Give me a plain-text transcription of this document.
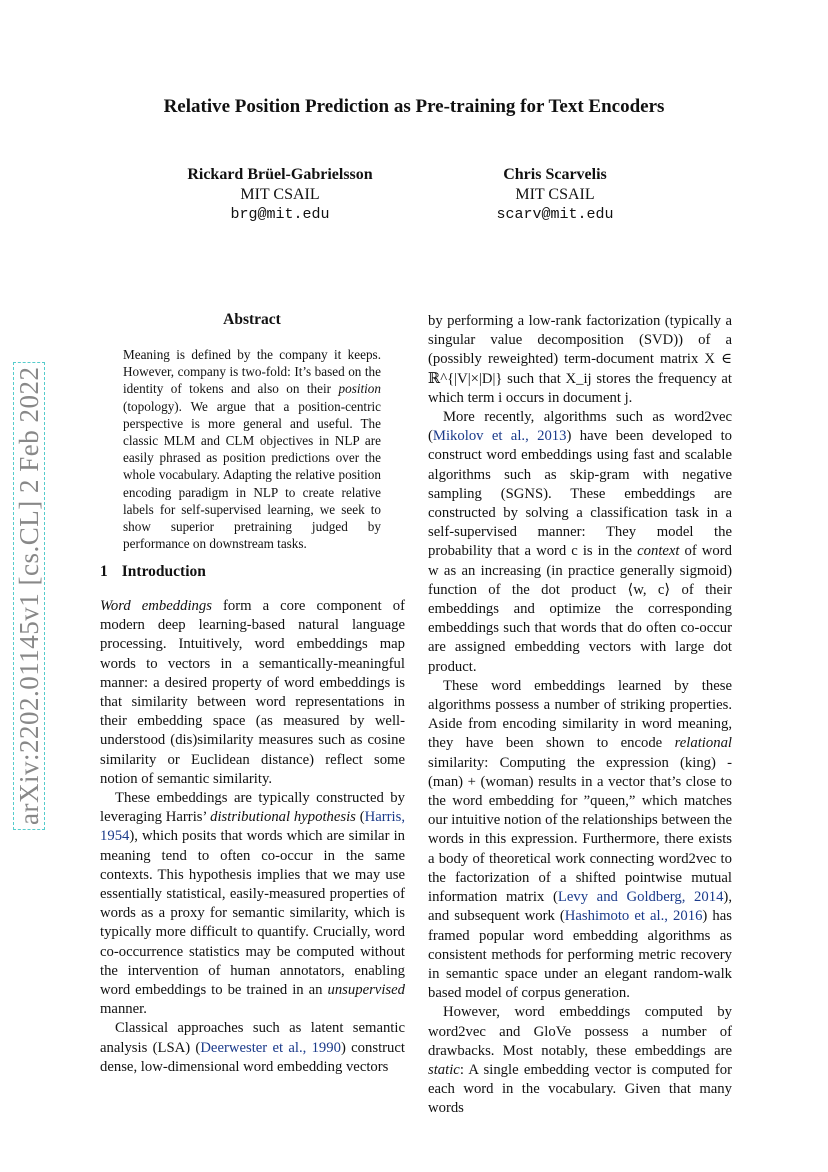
Relative Position Prediction as Pre-training for Text Encoders
Rickard Brüel-Gabrielsson
MIT CSAIL
brg@mit.edu
Chris Scarvelis
MIT CSAIL
scarv@mit.edu
arXiv:2202.01145v1 [cs.CL] 2 Feb 2022
Abstract
Meaning is defined by the company it keeps. However, company is two-fold: It’s based on the identity of tokens and also on their position (topology). We argue that a position-centric perspective is more general and useful. The classic MLM and CLM objectives in NLP are easily phrased as position predictions over the whole vocabulary. Adapting the relative position encoding paradigm in NLP to create relative labels for self-supervised learning, we seek to show superior pretraining judged by performance on downstream tasks.
1 Introduction

Word embeddings form a core component of modern deep learning-based natural language processing. Intuitively, word embeddings map words to vectors in a semantically-meaningful manner: a desired property of word embeddings is that similarity between word representations in their embedding space (as measured by well-understood (dis)similarity measures such as cosine similarity or Euclidean distance) reflect some notion of semantic similarity.

These embeddings are typically constructed by leveraging Harris’ distributional hypothesis (Harris, 1954), which posits that words which are similar in meaning tend to often co-occur in the same contexts. This hypothesis implies that we may use essentially statistical, easily-measured properties of words as a proxy for semantic similarity, which is typically more difficult to quantify. Crucially, word co-occurrence statistics may be computed without the intervention of human annotators, enabling word embeddings to be trained in an unsupervised manner.

Classical approaches such as latent semantic analysis (LSA) (Deerwester et al., 1990) construct dense, low-dimensional word embedding vectors

by performing a low-rank factorization (typically a singular value decomposition (SVD)) of a (possibly reweighted) term-document matrix X ∈ ℝ^{|V|×|D|} such that X_ij stores the frequency at which term i occurs in document j.

More recently, algorithms such as word2vec (Mikolov et al., 2013) have been developed to construct word embeddings using fast and scalable algorithms such as skip-gram with negative sampling (SGNS). These embeddings are constructed by solving a classification task in a self-supervised manner: They model the probability that a word c is in the context of word w as an increasing (in practice generally sigmoid) function of the dot product ⟨w, c⟩ of their embeddings and optimize the corresponding embeddings such that words that do often co-occur are assigned embedding vectors with large dot product.

These word embeddings learned by these algorithms possess a number of striking properties. Aside from encoding similarity in word meaning, they have been shown to encode relational similarity: Computing the expression (king) - (man) + (woman) results in a vector that’s close to the word embedding for ”queen,” which matches our intuitive notion of the relationships between the words in this expression. Furthermore, there exists a body of theoretical work connecting word2vec to the factorization of a shifted pointwise mutual information matrix (Levy and Goldberg, 2014), and subsequent work (Hashimoto et al., 2016) has framed popular word embedding algorithms as consistent methods for performing metric recovery in semantic space under an elegant random-walk based model of corpus generation.

However, word embeddings computed by word2vec and GloVe possess a number of drawbacks. Most notably, these embeddings are static: A single embedding vector is computed for each word in the vocabulary. Given that many words
